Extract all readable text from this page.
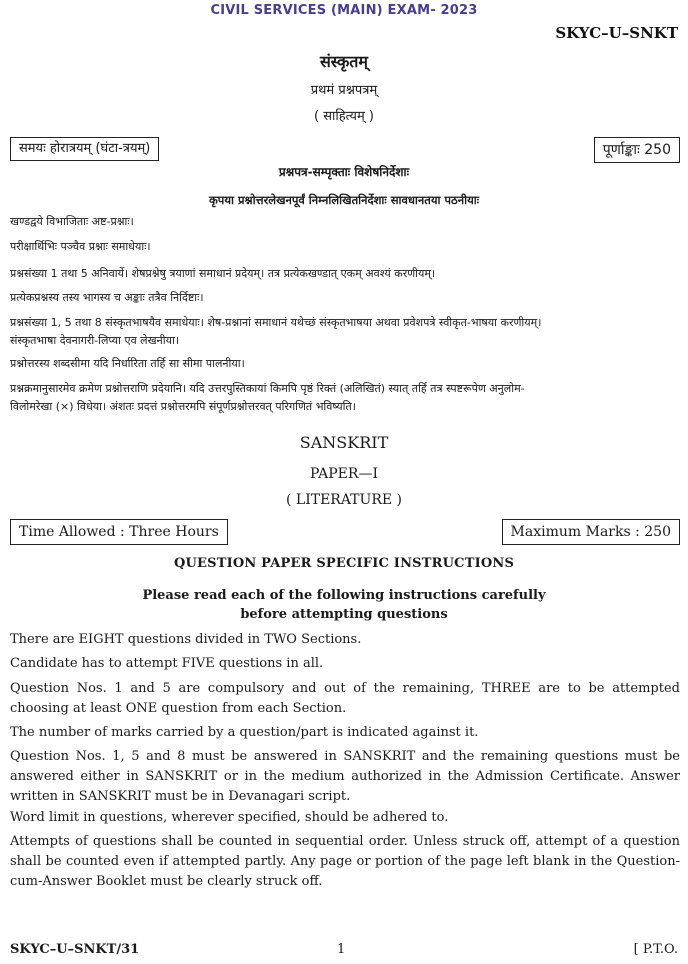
CIVIL SERVICES (MAIN) EXAM- 2023
SKYC–U–SNKT
संस्कृतम्
प्रथमं प्रश्नपत्रम्
( साहित्यम् )
समयः होरात्रयम् (घंटा-त्रयम्)	पूर्णाङ्काः 250
प्रश्नपत्र-सम्पृक्ताः विशेषनिर्देशाः
कृपया प्रश्नोत्तरलेखनपूर्वं निम्नलिखितनिर्देशाः सावधानतया पठनीयाः
खण्डद्वये विभाजिताः अष्ट-प्रश्नाः।
परीक्षार्थिभिः पञ्चैव प्रश्नाः समाधेयाः।
प्रश्नसंख्या 1 तथा 5 अनिवार्ये। शेषप्रश्नेषु त्रयाणां समाधानं प्रदेयम्। तत्र प्रत्येकखण्डात् एकम् अवश्यं करणीयम्।
प्रत्येकप्रश्नस्य तस्य भागस्य च अङ्काः तत्रैव निर्दिष्टाः।
प्रश्नसंख्या 1, 5 तथा 8 संस्कृतभाषयैव समाधेयाः। शेष-प्रश्नानां समाधानं यथेच्छं संस्कृतभाषया अथवा प्रवेशपत्रे स्वीकृत-भाषया करणीयम्।
संस्कृतभाषा देवनागरी-लिप्या एव लेखनीया।
प्रश्नोत्तरस्य शब्दसीमा यदि निर्धारिता तर्हि सा सीमा पालनीया।
प्रश्नक्रमानुसारमेव क्रमेण प्रश्नोत्तराणि प्रदेयानि। यदि उत्तरपुस्तिकायां किमपि पृष्ठं रिक्तं (अलिखितं) स्यात् तर्हि तत्र स्पष्टरूपेण अनुलोम-
विलोमरेखा (×) विधेया। अंशतः प्रदत्तं प्रश्नोत्तरमपि संपूर्णप्रश्नोत्तरवत् परिगणितं भविष्यति।
SANSKRIT
PAPER—I
( LITERATURE )
Time Allowed : Three Hours	Maximum Marks : 250
QUESTION PAPER SPECIFIC INSTRUCTIONS
Please read each of the following instructions carefully
before attempting questions
There are EIGHT questions divided in TWO Sections.
Candidate has to attempt FIVE questions in all.
Question Nos. 1 and 5 are compulsory and out of the remaining, THREE are to be attempted choosing at least ONE question from each Section.
The number of marks carried by a question/part is indicated against it.
Question Nos. 1, 5 and 8 must be answered in SANSKRIT and the remaining questions must be answered either in SANSKRIT or in the medium authorized in the Admission Certificate. Answer written in SANSKRIT must be in Devanagari script.
Word limit in questions, wherever specified, should be adhered to.
Attempts of questions shall be counted in sequential order. Unless struck off, attempt of a question shall be counted even if attempted partly. Any page or portion of the page left blank in the Question-cum-Answer Booklet must be clearly struck off.
SKYC–U–SNKT/31	1	[ P.T.O.
